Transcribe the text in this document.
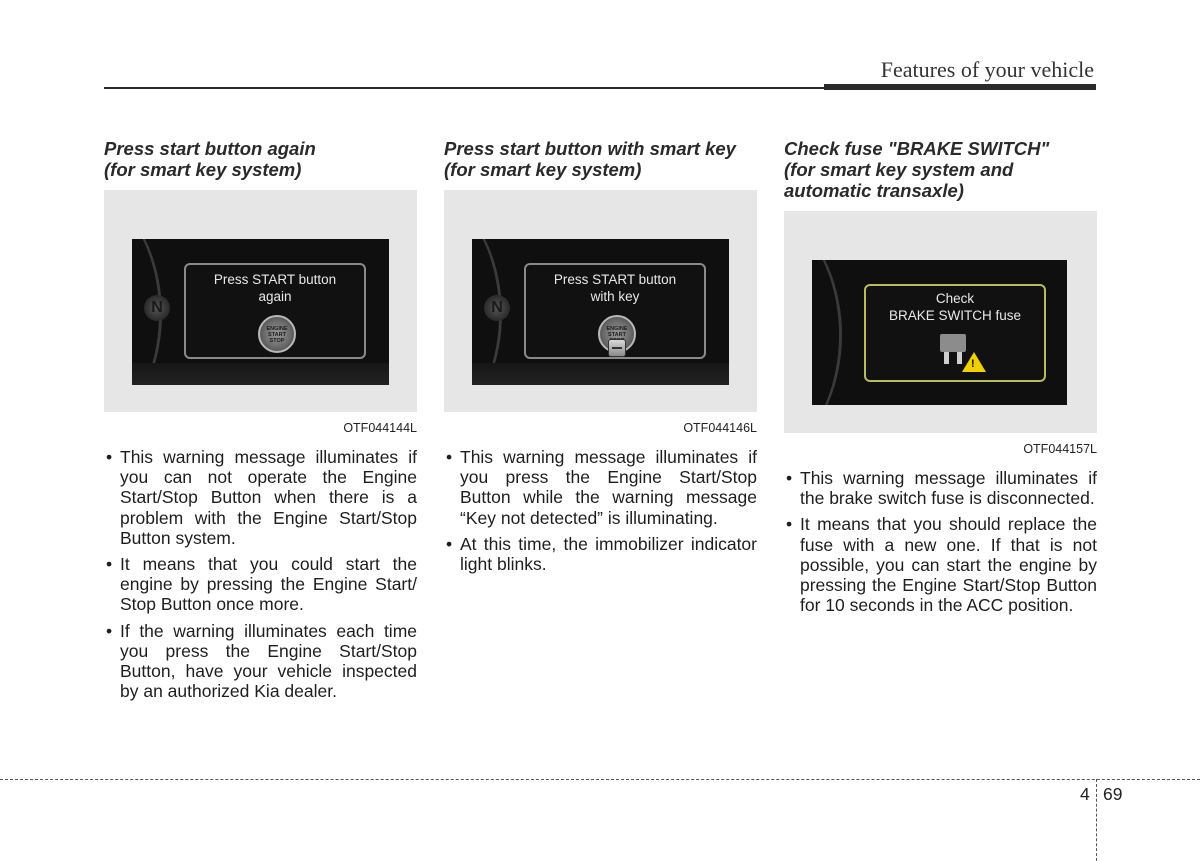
Features of your vehicle
Press start button again
(for smart key system)
N
Press START button
again
ENGINE
START
STOP
OTF044144L
• This warning message illuminates if you can not operate the Engine Start/Stop Button when there is a problem with the Engine Start/Stop Button system.
• It means that you could start the engine by pressing the Engine Start/ Stop Button once more.
• If the warning illuminates each time you press the Engine Start/Stop Button, have your vehicle inspected by an authorized Kia dealer.
Press start button with smart key
(for smart key system)
N
Press START button
with key
ENGINE
START
OTF044146L
• This warning message illuminates if you press the Engine Start/Stop Button while the warning message “Key not detected” is illuminating.
• At this time, the immobilizer indicator light blinks.
Check fuse "BRAKE SWITCH"
(for smart key system and automatic transaxle)
Check
BRAKE SWITCH fuse
!
OTF044157L
• This warning message illuminates if the brake switch fuse is disconnected.
• It means that you should replace the fuse with a new one. If that is not possible, you can start the engine by pressing the Engine Start/Stop Button for 10 seconds in the ACC position.
4 69
